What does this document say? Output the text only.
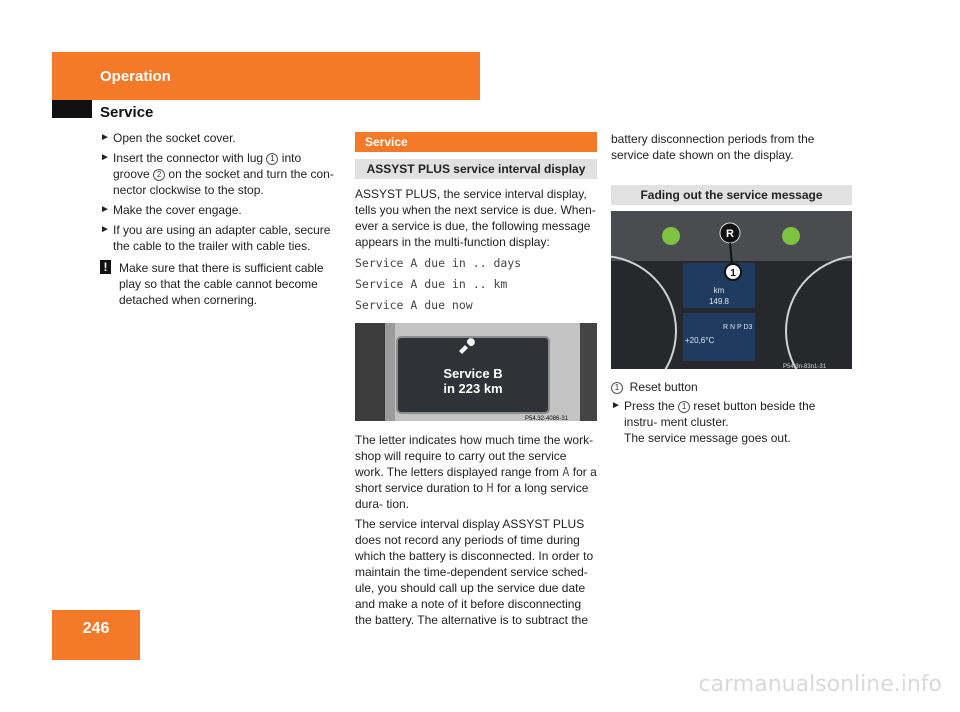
Operation
Service
► Open the socket cover.
► Insert the connector with lug 1 into groove 2 on the socket and turn the con- nector clockwise to the stop.
► Make the cover engage.
► If you are using an adapter cable, secure the cable to the trailer with cable ties.
! Make sure that there is sufficient cable play so that the cable cannot become detached when cornering.
Service
ASSYST PLUS service interval display
ASSYST PLUS, the service interval display, tells you when the next service is due. When- ever a service is due, the following message appears in the multi-function display:
Service A due in .. days
Service A due in .. km
Service A due now
Service B
in 223 km
P54.32-4086-31
The letter indicates how much time the work- shop will require to carry out the service work. The letters displayed range from A for a short service duration to H for a long service dura- tion.
The service interval display ASSYST PLUS does not record any periods of time during which the battery is disconnected. In order to maintain the time-dependent service sched- ule, you should call up the service due date and make a note of it before disconnecting the battery. The alternative is to subtract the
battery disconnection periods from the service date shown on the display.
Fading out the service message
R
1
km
149.8
+20,6°C
R N P D3
P54.3n-83n1-31
1 Reset button
► Press the 1 reset button beside the instru- ment cluster.
The service message goes out.
246
carmanualsonline.info
